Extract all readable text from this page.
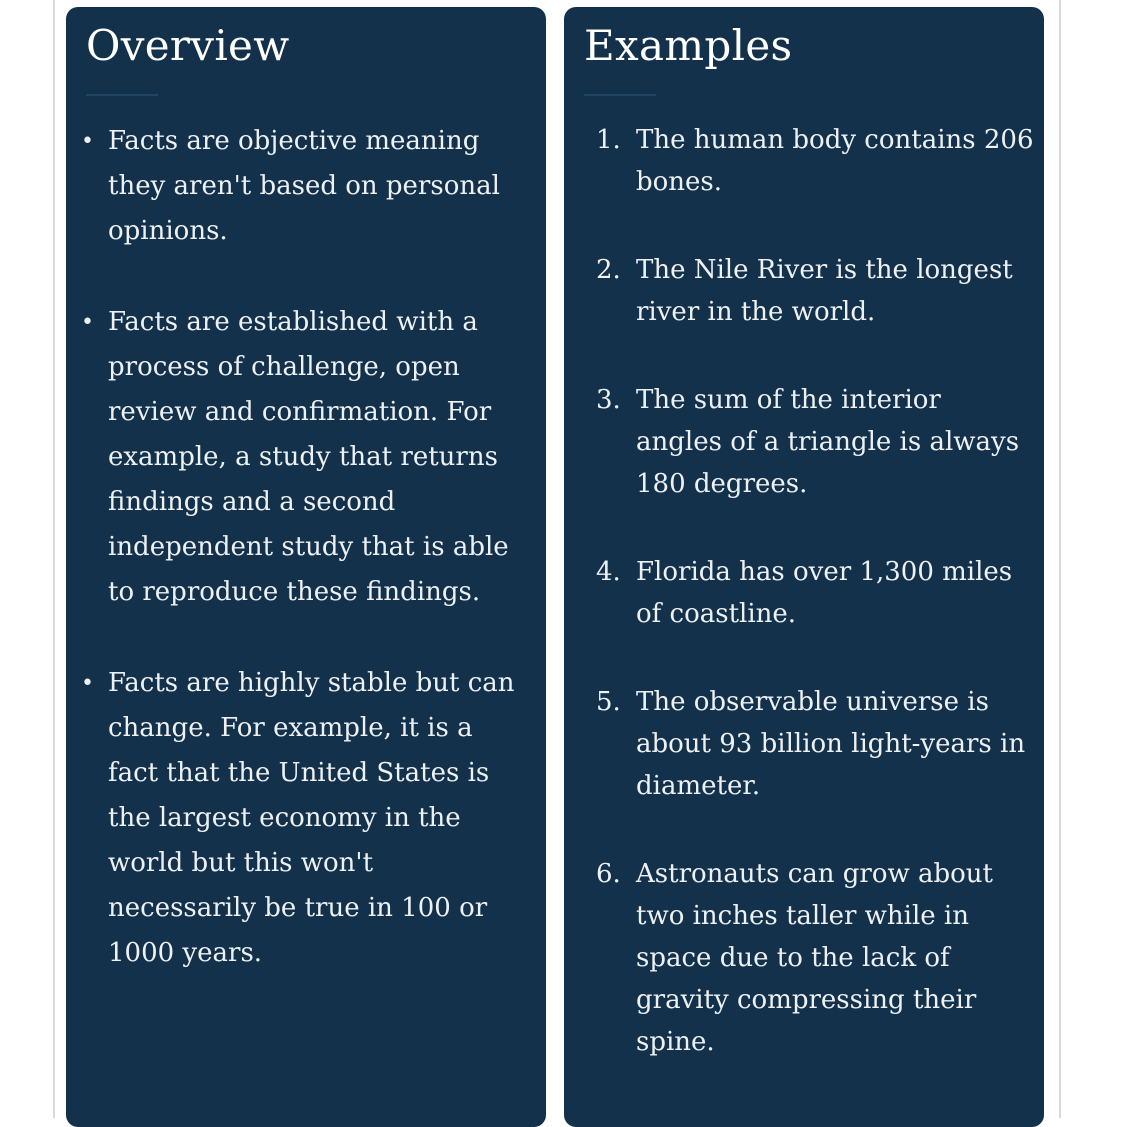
Overview
• Facts are objective meaning they aren't based on personal opinions.
• Facts are established with a process of challenge, open review and confirmation. For example, a study that returns findings and a second independent study that is able to reproduce these findings.
• Facts are highly stable but can change. For example, it is a fact that the United States is the largest economy in the world but this won't necessarily be true in 100 or 1000 years.
Examples
1. The human body contains 206 bones.
2. The Nile River is the longest river in the world.
3. The sum of the interior angles of a triangle is always 180 degrees.
4. Florida has over 1,300 miles of coastline.
5. The observable universe is about 93 billion light-years in diameter.
6. Astronauts can grow about two inches taller while in space due to the lack of gravity compressing their spine.
